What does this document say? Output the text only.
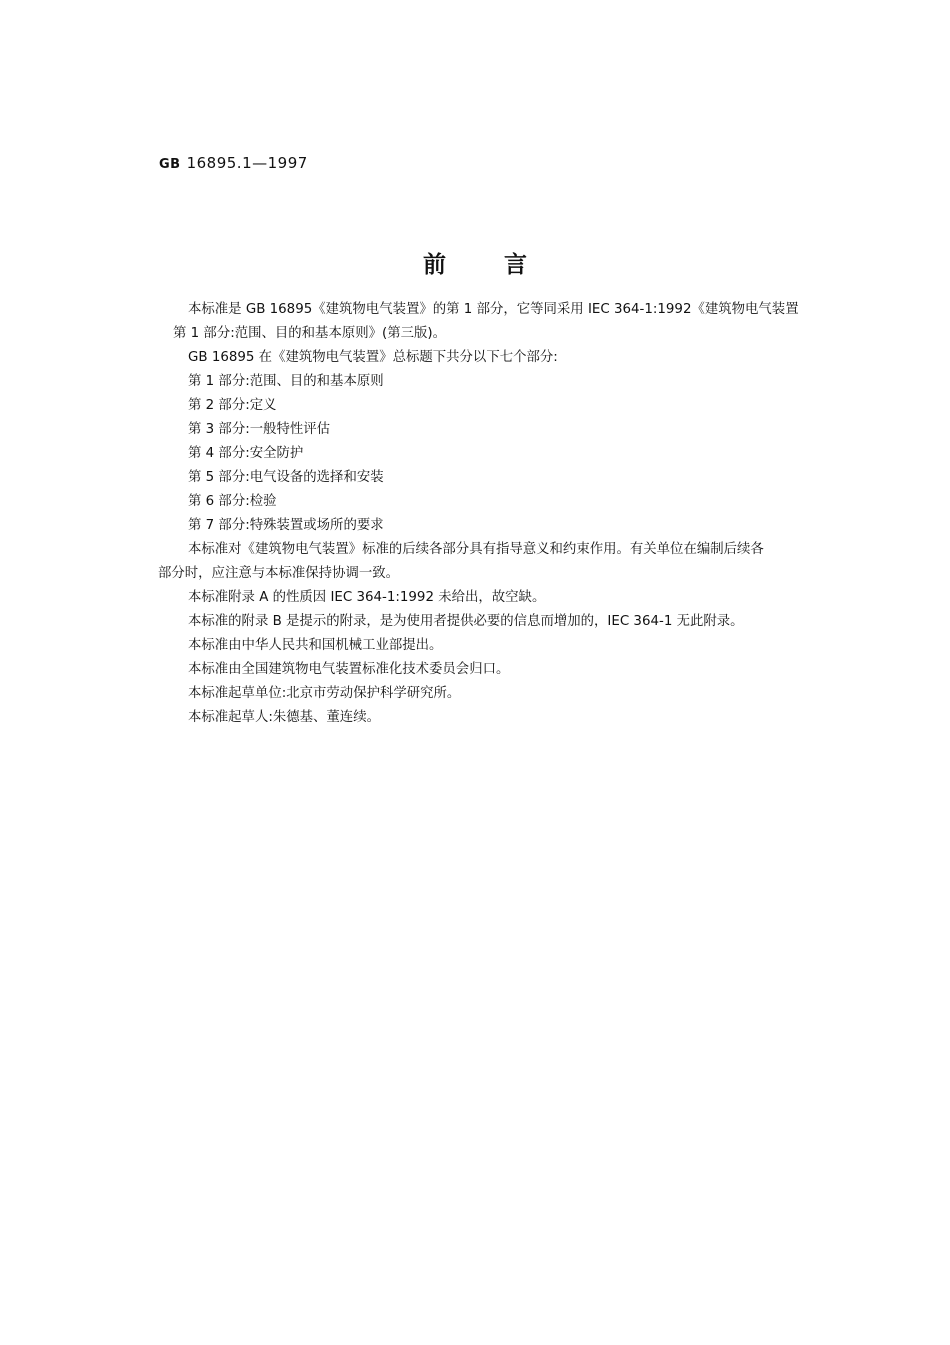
GB 16895.1—1997
前言

本标准是 GB 16895《建筑物电气装置》的第 1 部分，它等同采用 IEC 364-1:1992《建筑物电气装置

第 1 部分:范围、目的和基本原则》(第三版)。

GB 16895 在《建筑物电气装置》总标题下共分以下七个部分:

第 1 部分:范围、目的和基本原则

第 2 部分:定义

第 3 部分:一般特性评估

第 4 部分:安全防护

第 5 部分:电气设备的选择和安装

第 6 部分:检验

第 7 部分:特殊装置或场所的要求

本标准对《建筑物电气装置》标准的后续各部分具有指导意义和约束作用。有关单位在编制后续各

部分时，应注意与本标准保持协调一致。

本标准附录 A 的性质因 IEC 364-1:1992 未给出，故空缺。

本标准的附录 B 是提示的附录，是为使用者提供必要的信息而增加的，IEC 364-1 无此附录。

本标准由中华人民共和国机械工业部提出。

本标准由全国建筑物电气装置标准化技术委员会归口。

本标准起草单位:北京市劳动保护科学研究所。

本标准起草人:朱德基、董连续。
